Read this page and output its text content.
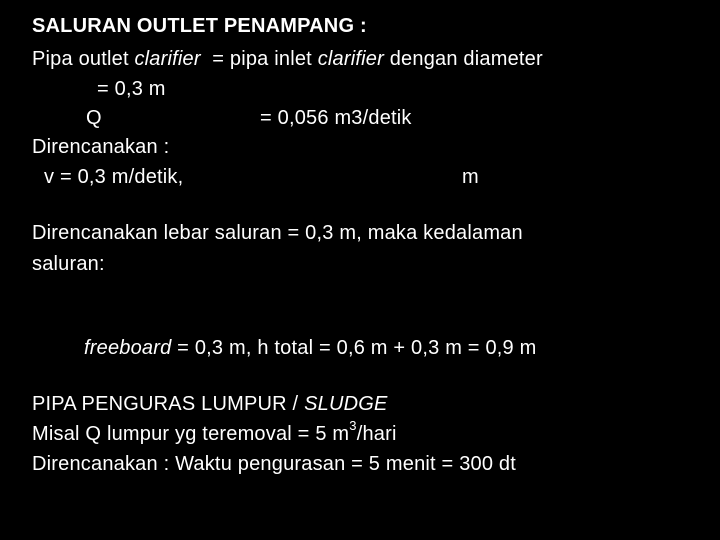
SALURAN OUTLET PENAMPANG :
Pipa outlet clarifier  = pipa inlet clarifier dengan diameter
= 0,3 m
Q	= 0,056 m3/detik
Direncanakan :
v = 0,3 m/detik,	m
Direncanakan lebar saluran = 0,3 m, maka kedalaman
saluran:
freeboard = 0,3 m, h total = 0,6 m + 0,3 m = 0,9 m
PIPA PENGURAS LUMPUR / SLUDGE
Misal Q lumpur yg teremoval = 5 $m^3$/hari
Direncanakan : Waktu pengurasan = 5 menit = 300 dt
